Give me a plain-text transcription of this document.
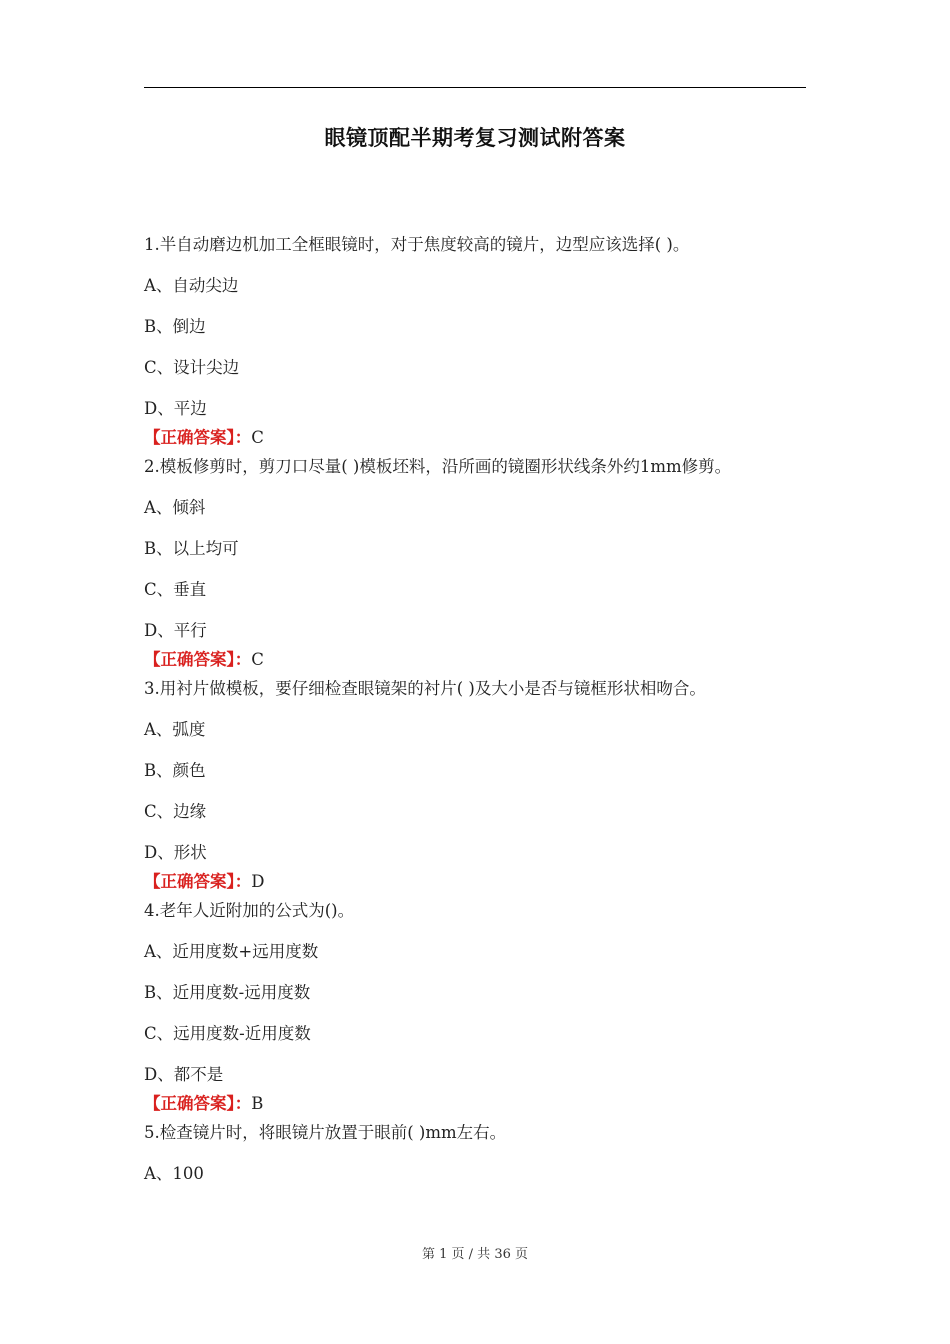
眼镜顶配半期考复习测试附答案
1.半自动磨边机加工全框眼镜时，对于焦度较高的镜片，边型应该选择( )。
A、自动尖边
B、倒边
C、设计尖边
D、平边
【正确答案】：C
2.模板修剪时，剪刀口尽量( )模板坯料，沿所画的镜圈形状线条外约1mm修剪。
A、倾斜
B、以上均可
C、垂直
D、平行
【正确答案】：C
3.用衬片做模板，要仔细检查眼镜架的衬片( )及大小是否与镜框形状相吻合。
A、弧度
B、颜色
C、边缘
D、形状
【正确答案】：D
4.老年人近附加的公式为()。
A、近用度数+远用度数
B、近用度数-远用度数
C、远用度数-近用度数
D、都不是
【正确答案】：B
5.检查镜片时，将眼镜片放置于眼前( )mm左右。
A、100
第 1 页 / 共 36 页
